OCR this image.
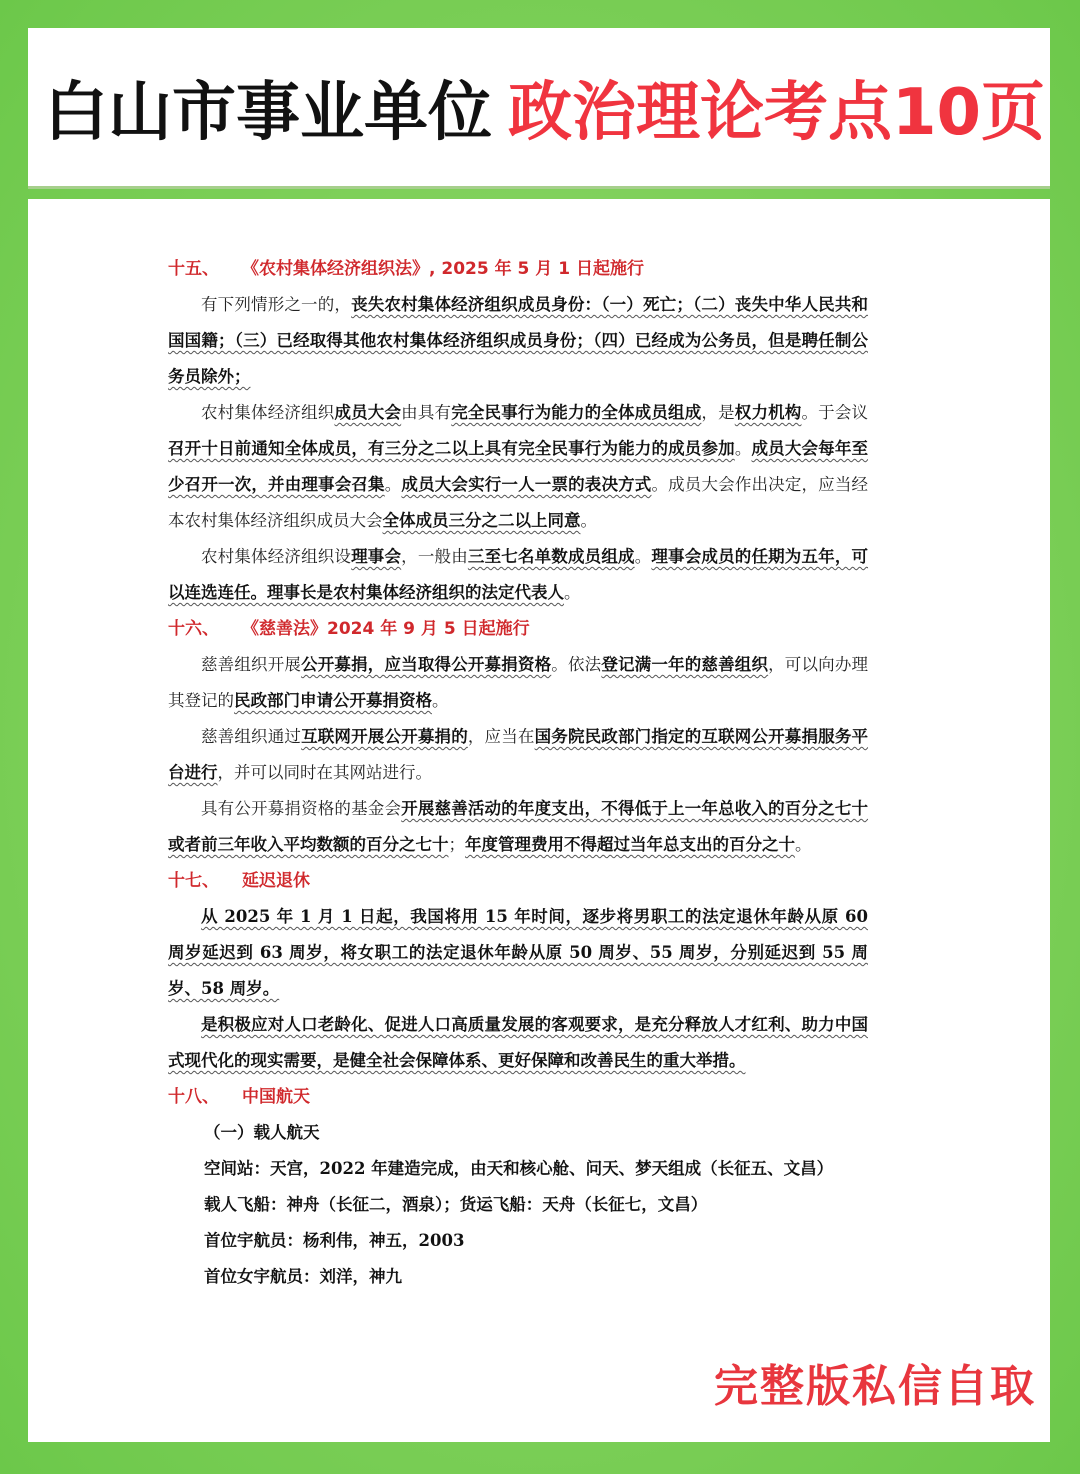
白山市事业单位 政治理论考点10页
十五、 《农村集体经济组织法》, 2025 年 5 月 1 日起施行

有下列情形之一的，丧失农村集体经济组织成员身份：（一）死亡；（二）丧失中华人民共和国国籍；（三）已经取得其他农村集体经济组织成员身份；（四）已经成为公务员，但是聘任制公务员除外；

农村集体经济组织成员大会由具有完全民事行为能力的全体成员组成，是权力机构。于会议召开十日前通知全体成员，有三分之二以上具有完全民事行为能力的成员参加。成员大会每年至少召开一次，并由理事会召集。成员大会实行一人一票的表决方式。成员大会作出决定，应当经本农村集体经济组织成员大会全体成员三分之二以上同意。

农村集体经济组织设理事会，一般由三至七名单数成员组成。理事会成员的任期为五年，可以连选连任。理事长是农村集体经济组织的法定代表人。

十六、 《慈善法》2024 年 9 月 5 日起施行

慈善组织开展公开募捐，应当取得公开募捐资格。依法登记满一年的慈善组织，可以向办理其登记的民政部门申请公开募捐资格。

慈善组织通过互联网开展公开募捐的，应当在国务院民政部门指定的互联网公开募捐服务平台进行，并可以同时在其网站进行。

具有公开募捐资格的基金会开展慈善活动的年度支出，不得低于上一年总收入的百分之七十或者前三年收入平均数额的百分之七十；年度管理费用不得超过当年总支出的百分之十。

十七、 延迟退休

从 2025 年 1 月 1 日起，我国将用 15 年时间，逐步将男职工的法定退休年龄从原 60 周岁延迟到 63 周岁，将女职工的法定退休年龄从原 50 周岁、55 周岁，分别延迟到 55 周岁、58 周岁。

是积极应对人口老龄化、促进人口高质量发展的客观要求，是充分释放人才红利、助力中国式现代化的现实需要，是健全社会保障体系、更好保障和改善民生的重大举措。

十八、 中国航天

（一）载人航天

空间站：天宫，2022 年建造完成，由天和核心舱、问天、梦天组成（长征五、文昌）

载人飞船：神舟（长征二，酒泉）；货运飞船：天舟（长征七，文昌）

首位宇航员：杨利伟，神五，2003

首位女宇航员：刘洋，神九

完整版私信自取
